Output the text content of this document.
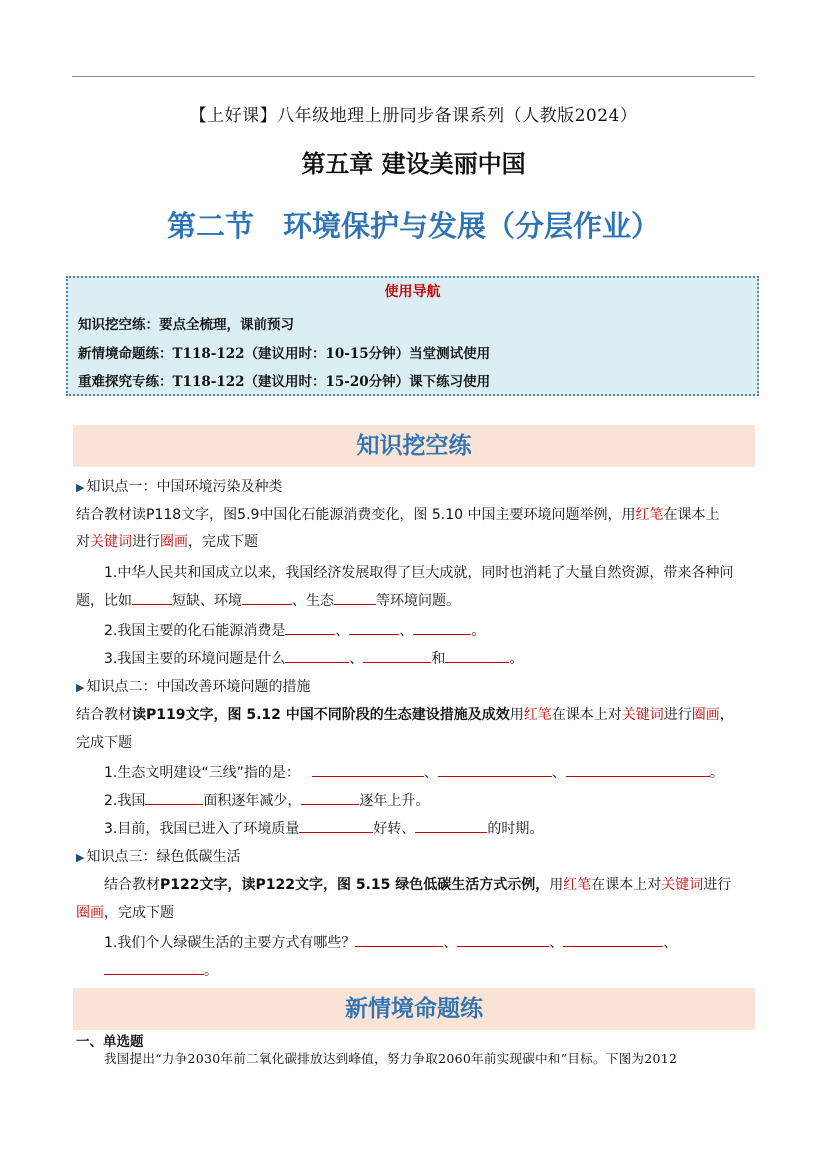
【上好课】八年级地理上册同步备课系列（人教版2024）
第五章 建设美丽中国
第二节　环境保护与发展（分层作业）
使用导航
知识挖空练：要点全梳理，课前预习
新情境命题练：T118-122（建议用时：10-15分钟）当堂测试使用
重难探究专练：T118-122（建议用时：15-20分钟）课下练习使用
知识挖空练
▶ 知识点一：中国环境污染及种类
结合教材读P118文字，图5.9中国化石能源消费变化，图 5.10 中国主要环境问题举例，用红笔在课本上
对关键词进行圈画，完成下题
1.中华人民共和国成立以来，我国经济发展取得了巨大成就，同时也消耗了大量自然资源，带来各种问
题，比如	短缺、环境	、生态	等环境问题。
2.我国主要的化石能源消费是	、	、	。
3.我国主要的环境问题是什么	、	和	。
▶ 知识点二：中国改善环境问题的措施
结合教材读P119文字，图 5.12 中国不同阶段的生态建设措施及成效用红笔在课本上对关键词进行圈画，
完成下题
1.生态文明建设“三线”指的是：	、	、	。
2.我国	面积逐年减少，	逐年上升。
3.目前，我国已进入了环境质量	好转、	的时期。
▶ 知识点三：绿色低碳生活
结合教材P122文字，读P122文字，图 5.15 绿色低碳生活方式示例，用红笔在课本上对关键词进行
圈画，完成下题
1.我们个人绿碳生活的主要方式有哪些？	、	、	、
。
新情境命题练
一、单选题
我国提出“力争2030年前二氧化碳排放达到峰值，努力争取2060年前实现碳中和”目标。下图为2012
